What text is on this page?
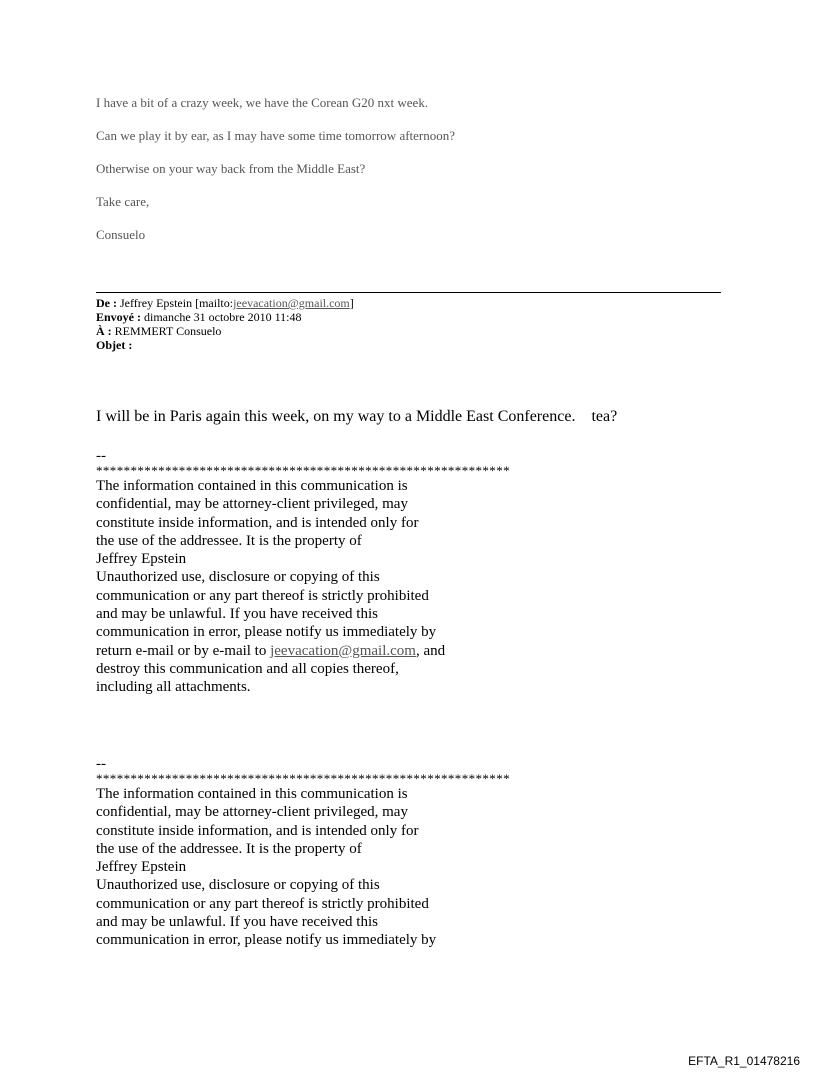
I have a bit of a crazy week, we have the Corean G20 nxt week.

Can we play it by ear, as I may have some time tomorrow afternoon?

Otherwise on your way back from the Middle East?

Take care,

Consuelo

De : Jeffrey Epstein [mailto:jeevacation@gmail.com]
Envoyé : dimanche 31 octobre 2010 11:48
À : REMMERT Consuelo
Objet :
I will be in Paris again this week, on my way to a Middle East Conference.    tea?
--
************************************************************
The information contained in this communication is
confidential, may be attorney-client privileged, may
constitute inside information, and is intended only for
the use of the addressee. It is the property of
Jeffrey Epstein
Unauthorized use, disclosure or copying of this
communication or any part thereof is strictly prohibited
and may be unlawful. If you have received this
communication in error, please notify us immediately by
return e-mail or by e-mail to jeevacation@gmail.com, and
destroy this communication and all copies thereof,
including all attachments.
--
************************************************************
The information contained in this communication is
confidential, may be attorney-client privileged, may
constitute inside information, and is intended only for
the use of the addressee. It is the property of
Jeffrey Epstein
Unauthorized use, disclosure or copying of this
communication or any part thereof is strictly prohibited
and may be unlawful. If you have received this
communication in error, please notify us immediately by
EFTA_R1_01478216
